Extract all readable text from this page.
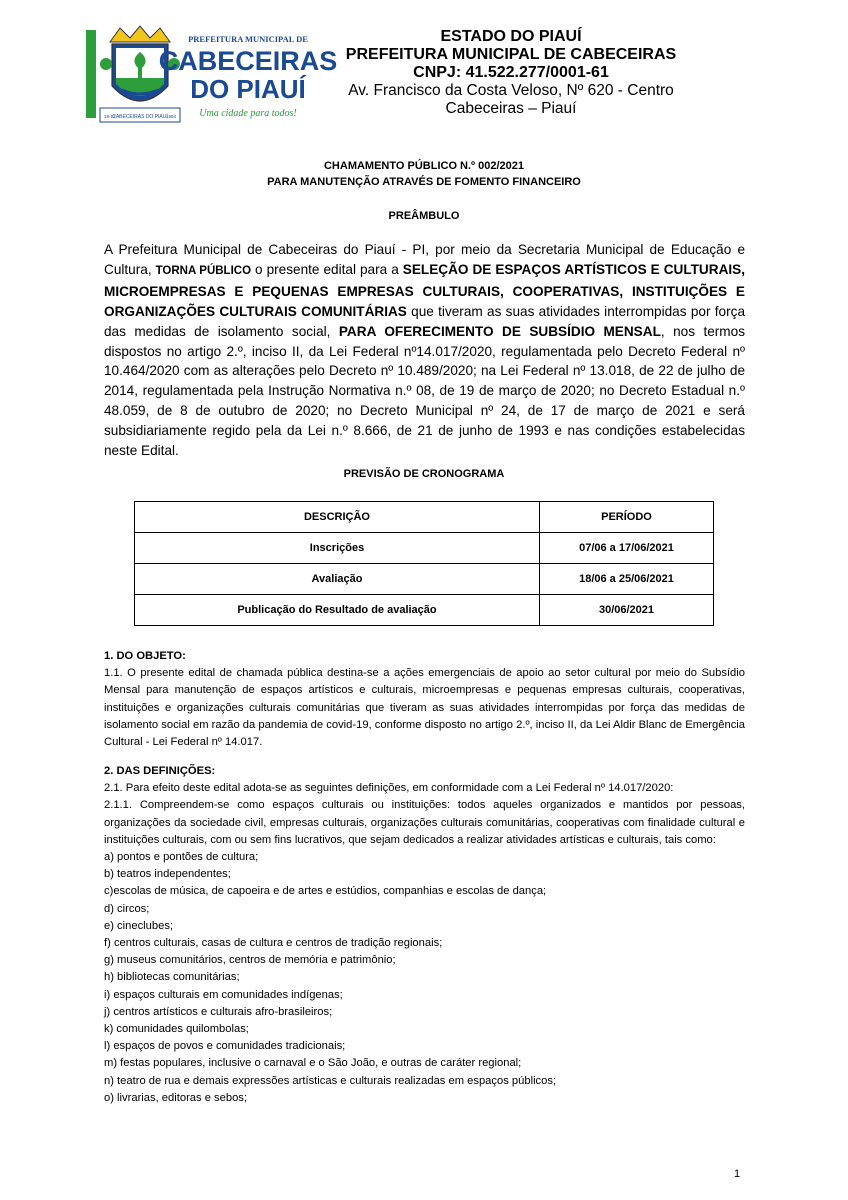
CABECEIRAS DO PIAUÍ
19-12	1994
PREFEITURA MUNICIPAL DE
CABECEIRAS
DO PIAUÍ
Uma cidade para todos!
ESTADO DO PIAUÍ
PREFEITURA MUNICIPAL DE CABECEIRAS
CNPJ: 41.522.277/0001-61
Av. Francisco da Costa Veloso, Nº 620 - Centro
Cabeceiras – Piauí
CHAMAMENTO PÚBLICO N.º 002/2021
PARA MANUTENÇÃO ATRAVÉS DE FOMENTO FINANCEIRO
PREÂMBULO
A Prefeitura Municipal de Cabeceiras do Piauí - PI, por meio da Secretaria Municipal de Educação e Cultura, TORNA PÚBLICO o presente edital para a SELEÇÃO DE ESPAÇOS ARTÍSTICOS E CULTURAIS, MICROEMPRESAS E PEQUENAS EMPRESAS CULTURAIS, COOPERATIVAS, INSTITUIÇÕES E ORGANIZAÇÕES CULTURAIS COMUNITÁRIAS que tiveram as suas atividades interrompidas por força das medidas de isolamento social, PARA OFERECIMENTO DE SUBSÍDIO MENSAL, nos termos dispostos no artigo 2.º, inciso II, da Lei Federal nº14.017/2020, regulamentada pelo Decreto Federal nº 10.464/2020 com as alterações pelo Decreto nº 10.489/2020; na Lei Federal nº 13.018, de 22 de julho de 2014, regulamentada pela Instrução Normativa n.º 08, de 19 de março de 2020; no Decreto Estadual n.º 48.059, de 8 de outubro de 2020; no Decreto Municipal nº 24, de 17 de março de 2021 e será subsidiariamente regido pela da Lei n.º 8.666, de 21 de junho de 1993 e nas condições estabelecidas neste Edital.
PREVISÃO DE CRONOGRAMA
DESCRIÇÃO	PERÍODO
Inscrições	07/06 a 17/06/2021
Avaliação	18/06 a 25/06/2021
Publicação do Resultado de avaliação	30/06/2021

1. DO OBJETO:

1.1. O presente edital de chamada pública destina-se a ações emergenciais de apoio ao setor cultural por meio do Subsídio Mensal para manutenção de espaços artísticos e culturais, microempresas e pequenas empresas culturais, cooperativas, instituições e organizações culturais comunitárias que tiveram as suas atividades interrompidas por força das medidas de isolamento social em razão da pandemia de covid-19, conforme disposto no artigo 2.º, inciso II, da Lei Aldir Blanc de Emergência Cultural - Lei Federal nº 14.017.

2. DAS DEFINIÇÕES:

2.1. Para efeito deste edital adota-se as seguintes definições, em conformidade com a Lei Federal nº 14.017/2020:

2.1.1. Compreendem-se como espaços culturais ou instituições: todos aqueles organizados e mantidos por pessoas, organizações da sociedade civil, empresas culturais, organizações culturais comunitárias, cooperativas com finalidade cultural e instituições culturais, com ou sem fins lucrativos, que sejam dedicados a realizar atividades artísticas e culturais, tais como:

a) pontos e pontões de cultura;

b) teatros independentes;

c)escolas de música, de capoeira e de artes e estúdios, companhias e escolas de dança;

d) circos;

e) cineclubes;

f) centros culturais, casas de cultura e centros de tradição regionais;

g) museus comunitários, centros de memória e patrimônio;

h) bibliotecas comunitárias;

i) espaços culturais em comunidades indígenas;

j) centros artísticos e culturais afro-brasileiros;

k) comunidades quilombolas;

l) espaços de povos e comunidades tradicionais;

m) festas populares, inclusive o carnaval e o São João, e outras de caráter regional;

n) teatro de rua e demais expressões artísticas e culturais realizadas em espaços públicos;

o) livrarias, editoras e sebos;

1
